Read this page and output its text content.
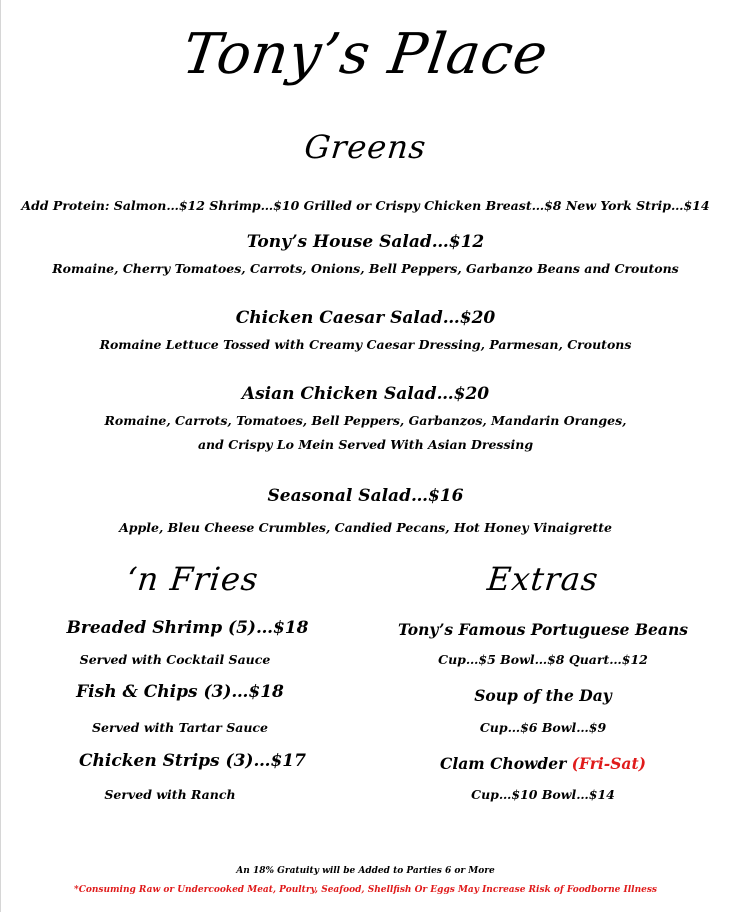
Tony’s Place
Greens
Add Protein: Salmon…$12 Shrimp…$10 Grilled or Crispy Chicken Breast…$8 New York Strip…$14
Tony’s House Salad…$12
Romaine, Cherry Tomatoes, Carrots, Onions, Bell Peppers, Garbanzo Beans and Croutons
Chicken Caesar Salad…$20
Romaine Lettuce Tossed with Creamy Caesar Dressing, Parmesan, Croutons
Asian Chicken Salad…$20
Romaine, Carrots, Tomatoes, Bell Peppers, Garbanzos, Mandarin Oranges,
and Crispy Lo Mein Served With Asian Dressing
Seasonal Salad…$16
Apple, Bleu Cheese Crumbles, Candied Pecans, Hot Honey Vinaigrette
‘n Fries	Extras
Breaded Shrimp (5)…$18
Served with Cocktail Sauce
Fish & Chips (3)…$18
Served with Tartar Sauce
Chicken Strips (3)…$17
Served with Ranch
Tony’s Famous Portuguese Beans
Cup…$5 Bowl…$8 Quart…$12
Soup of the Day
Cup…$6 Bowl…$9
Clam Chowder (Fri-Sat)
Cup…$10 Bowl…$14
An 18% Gratuity will be Added to Parties 6 or More
*Consuming Raw or Undercooked Meat, Poultry, Seafood, Shellfish Or Eggs May Increase Risk of Foodborne Illness
